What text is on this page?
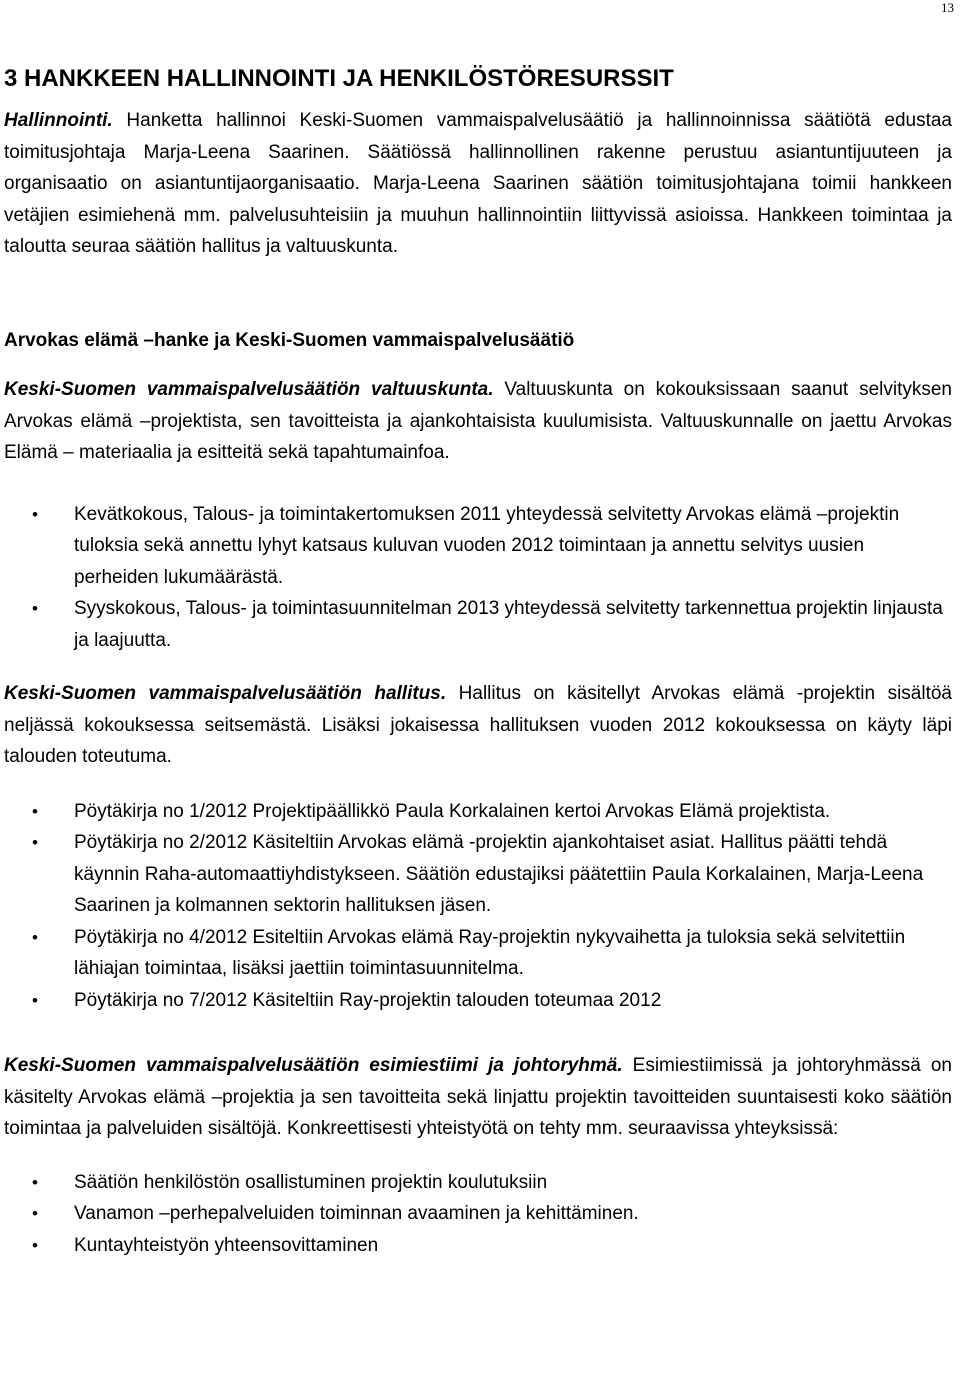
13
3 HANKKEEN HALLINNOINTI JA HENKILÖSTÖRESURSSIT

Hallinnointi. Hanketta hallinnoi Keski-Suomen vammaispalvelusäätiö ja hallinnoinnissa säätiötä edustaa toimitusjohtaja Marja-Leena Saarinen. Säätiössä hallinnollinen rakenne perustuu asiantuntijuuteen ja organisaatio on asiantuntijaorganisaatio. Marja-Leena Saarinen säätiön toimitusjohtajana toimii hankkeen vetäjien esimiehenä mm. palvelusuhteisiin ja muuhun hallinnointiin liittyvissä asioissa. Hankkeen toimintaa ja taloutta seuraa säätiön hallitus ja valtuuskunta.

Arvokas elämä –hanke ja Keski-Suomen vammaispalvelusäätiö

Keski-Suomen vammaispalvelusäätiön valtuuskunta. Valtuuskunta on kokouksissaan saanut selvityksen Arvokas elämä –projektista, sen tavoitteista ja ajankohtaisista kuulumisista. Valtuuskunnalle on jaettu Arvokas Elämä – materiaalia ja esitteitä sekä tapahtumainfoa.

•	Kevätkokous, Talous- ja toimintakertomuksen 2011 yhteydessä selvitetty Arvokas elämä –projektin tuloksia sekä annettu lyhyt katsaus kuluvan vuoden 2012 toimintaan ja annettu selvitys uusien perheiden lukumäärästä.
•	Syyskokous, Talous- ja toimintasuunnitelman 2013 yhteydessä selvitetty tarkennettua projektin linjausta ja laajuutta.

Keski-Suomen vammaispalvelusäätiön hallitus. Hallitus on käsitellyt Arvokas elämä -projektin sisältöä neljässä kokouksessa seitsemästä. Lisäksi jokaisessa hallituksen vuoden 2012 kokouksessa on käyty läpi talouden toteutuma.

•	Pöytäkirja no 1/2012 Projektipäällikkö Paula Korkalainen kertoi Arvokas Elämä projektista.
•	Pöytäkirja no 2/2012 Käsiteltiin Arvokas elämä -projektin ajankohtaiset asiat. Hallitus päätti tehdä käynnin Raha-automaattiyhdistykseen. Säätiön edustajiksi päätettiin Paula Korkalainen, Marja-Leena Saarinen ja kolmannen sektorin hallituksen jäsen.
•	Pöytäkirja no 4/2012 Esiteltiin Arvokas elämä Ray-projektin nykyvaihetta ja tuloksia sekä selvitettiin lähiajan toimintaa, lisäksi jaettiin toimintasuunnitelma.
•	Pöytäkirja no 7/2012 Käsiteltiin Ray-projektin talouden toteumaa 2012

Keski-Suomen vammaispalvelusäätiön esimiestiimi ja johtoryhmä. Esimiestiimissä ja johtoryhmässä on käsitelty Arvokas elämä –projektia ja sen tavoitteita sekä linjattu projektin tavoitteiden suuntaisesti koko säätiön toimintaa ja palveluiden sisältöjä. Konkreettisesti yhteistyötä on tehty mm. seuraavissa yhteyksissä:

•	Säätiön henkilöstön osallistuminen projektin koulutuksiin
•	Vanamon –perhepalveluiden toiminnan avaaminen ja kehittäminen.
•	Kuntayhteistyön yhteensovittaminen
